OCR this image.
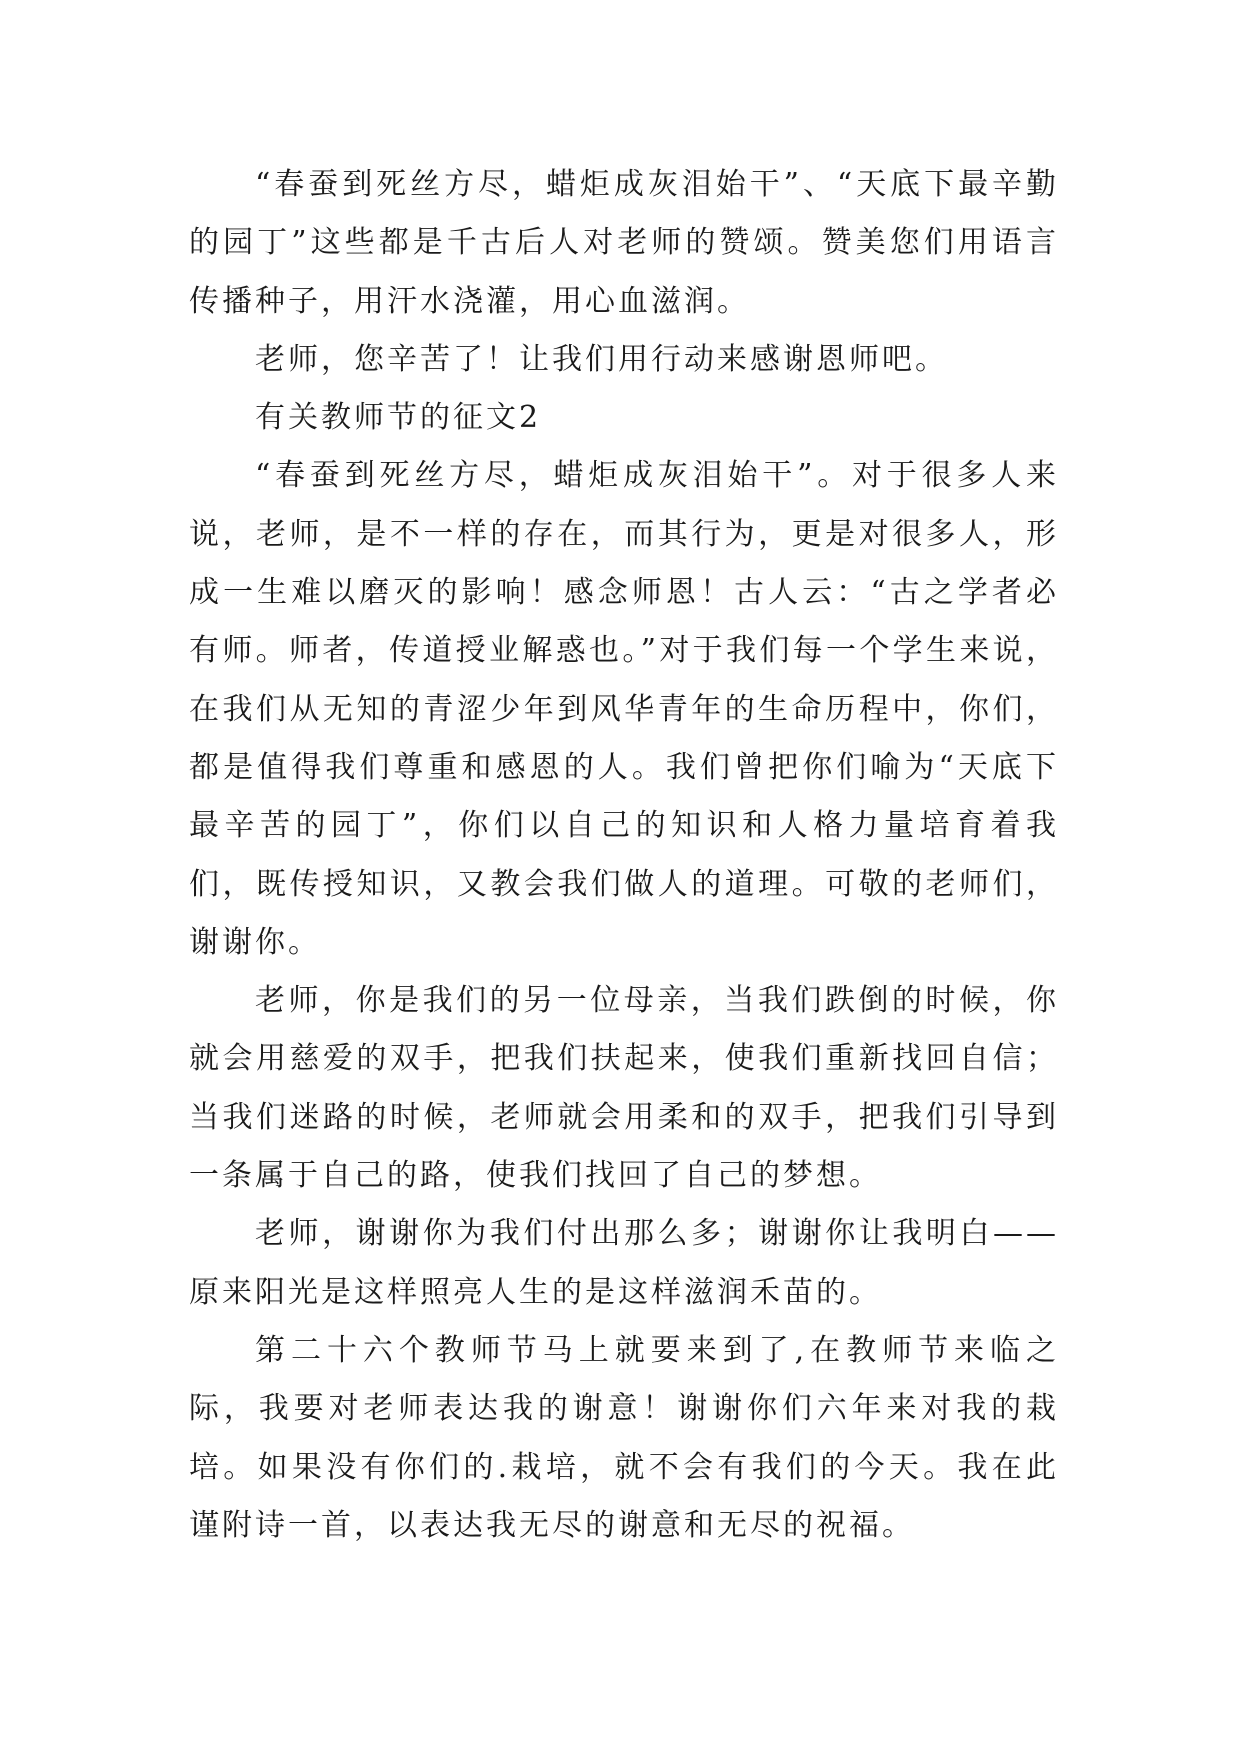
“春蚕到死丝方尽，蜡炬成灰泪始干”、“天底下最辛勤的园丁”这些都是千古后人对老师的赞颂。赞美您们用语言传播种子，用汗水浇灌，用心血滋润。

老师，您辛苦了！让我们用行动来感谢恩师吧。

有关教师节的征文2

“春蚕到死丝方尽，蜡炬成灰泪始干”。对于很多人来说，老师，是不一样的存在，而其行为，更是对很多人，形成一生难以磨灭的影响！感念师恩！古人云：“古之学者必有师。师者，传道授业解惑也。”对于我们每一个学生来说，在我们从无知的青涩少年到风华青年的生命历程中，你们，都是值得我们尊重和感恩的人。我们曾把你们喻为“天底下最辛苦的园丁”，你们以自己的知识和人格力量培育着我们，既传授知识，又教会我们做人的道理。可敬的老师们，谢谢你。

老师，你是我们的另一位母亲，当我们跌倒的时候，你就会用慈爱的双手，把我们扶起来，使我们重新找回自信；当我们迷路的时候，老师就会用柔和的双手，把我们引导到一条属于自己的路，使我们找回了自己的梦想。

老师，谢谢你为我们付出那么多；谢谢你让我明白——原来阳光是这样照亮人生的是这样滋润禾苗的。

第二十六个教师节马上就要来到了,在教师节来临之际，我要对老师表达我的谢意！谢谢你们六年来对我的栽培。如果没有你们的.栽培，就不会有我们的今天。我在此谨附诗一首，以表达我无尽的谢意和无尽的祝福。
